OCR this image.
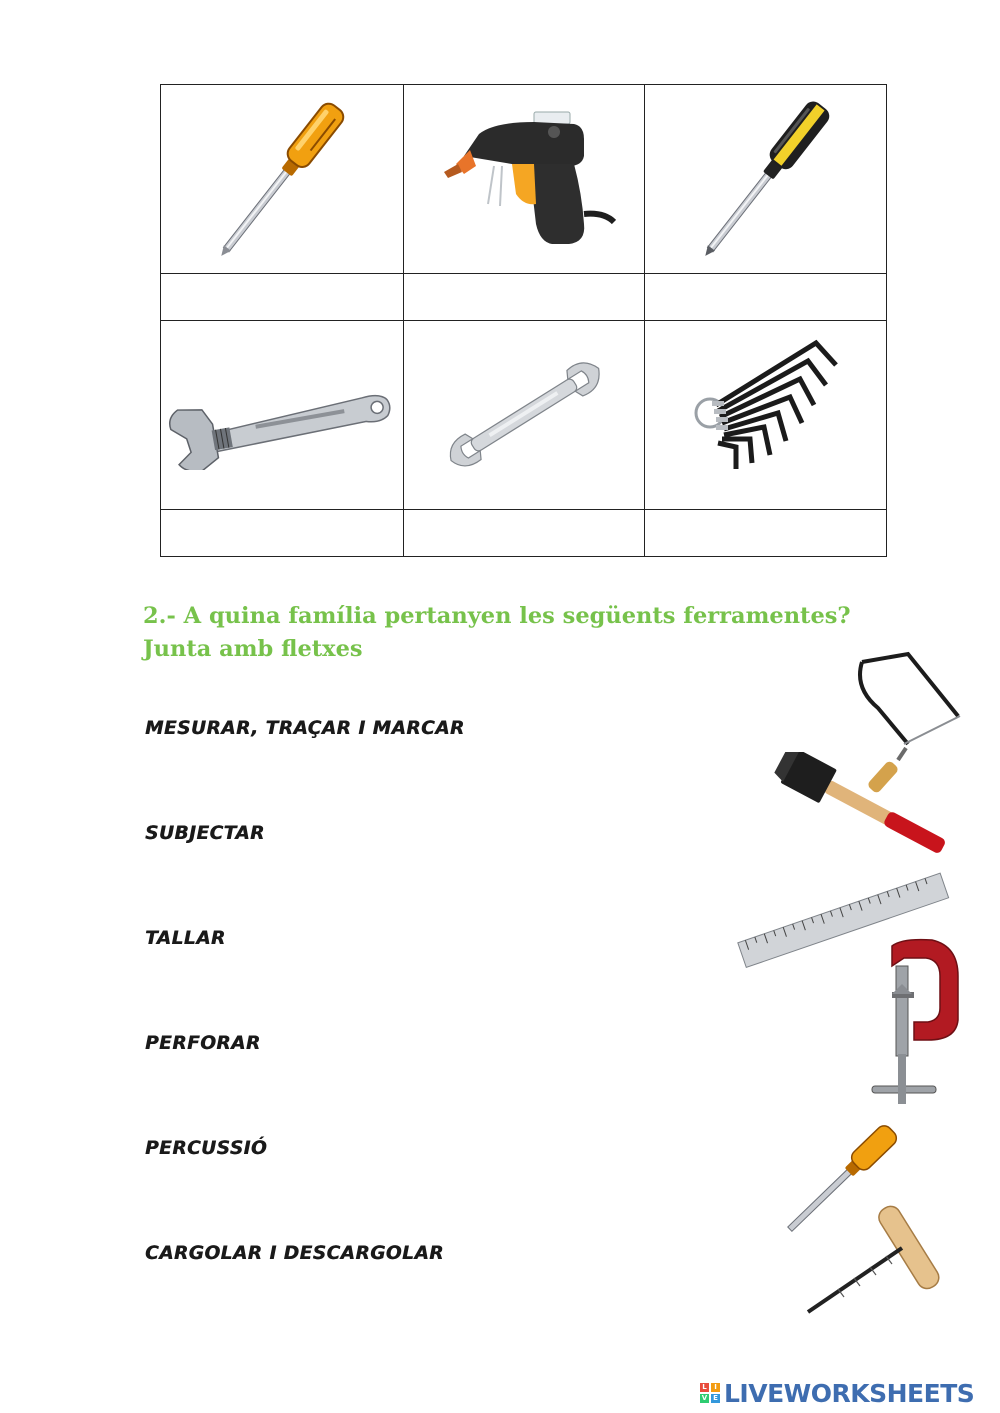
2.- A quina família pertanyen les següents ferramentes?
Junta amb fletxes
MESURAR, TRAÇAR I MARCAR
SUBJECTAR
TALLAR
PERFORAR
PERCUSSIÓ
CARGOLAR I DESCARGOLAR
L	I
V E LIVEWORKSHEETS
